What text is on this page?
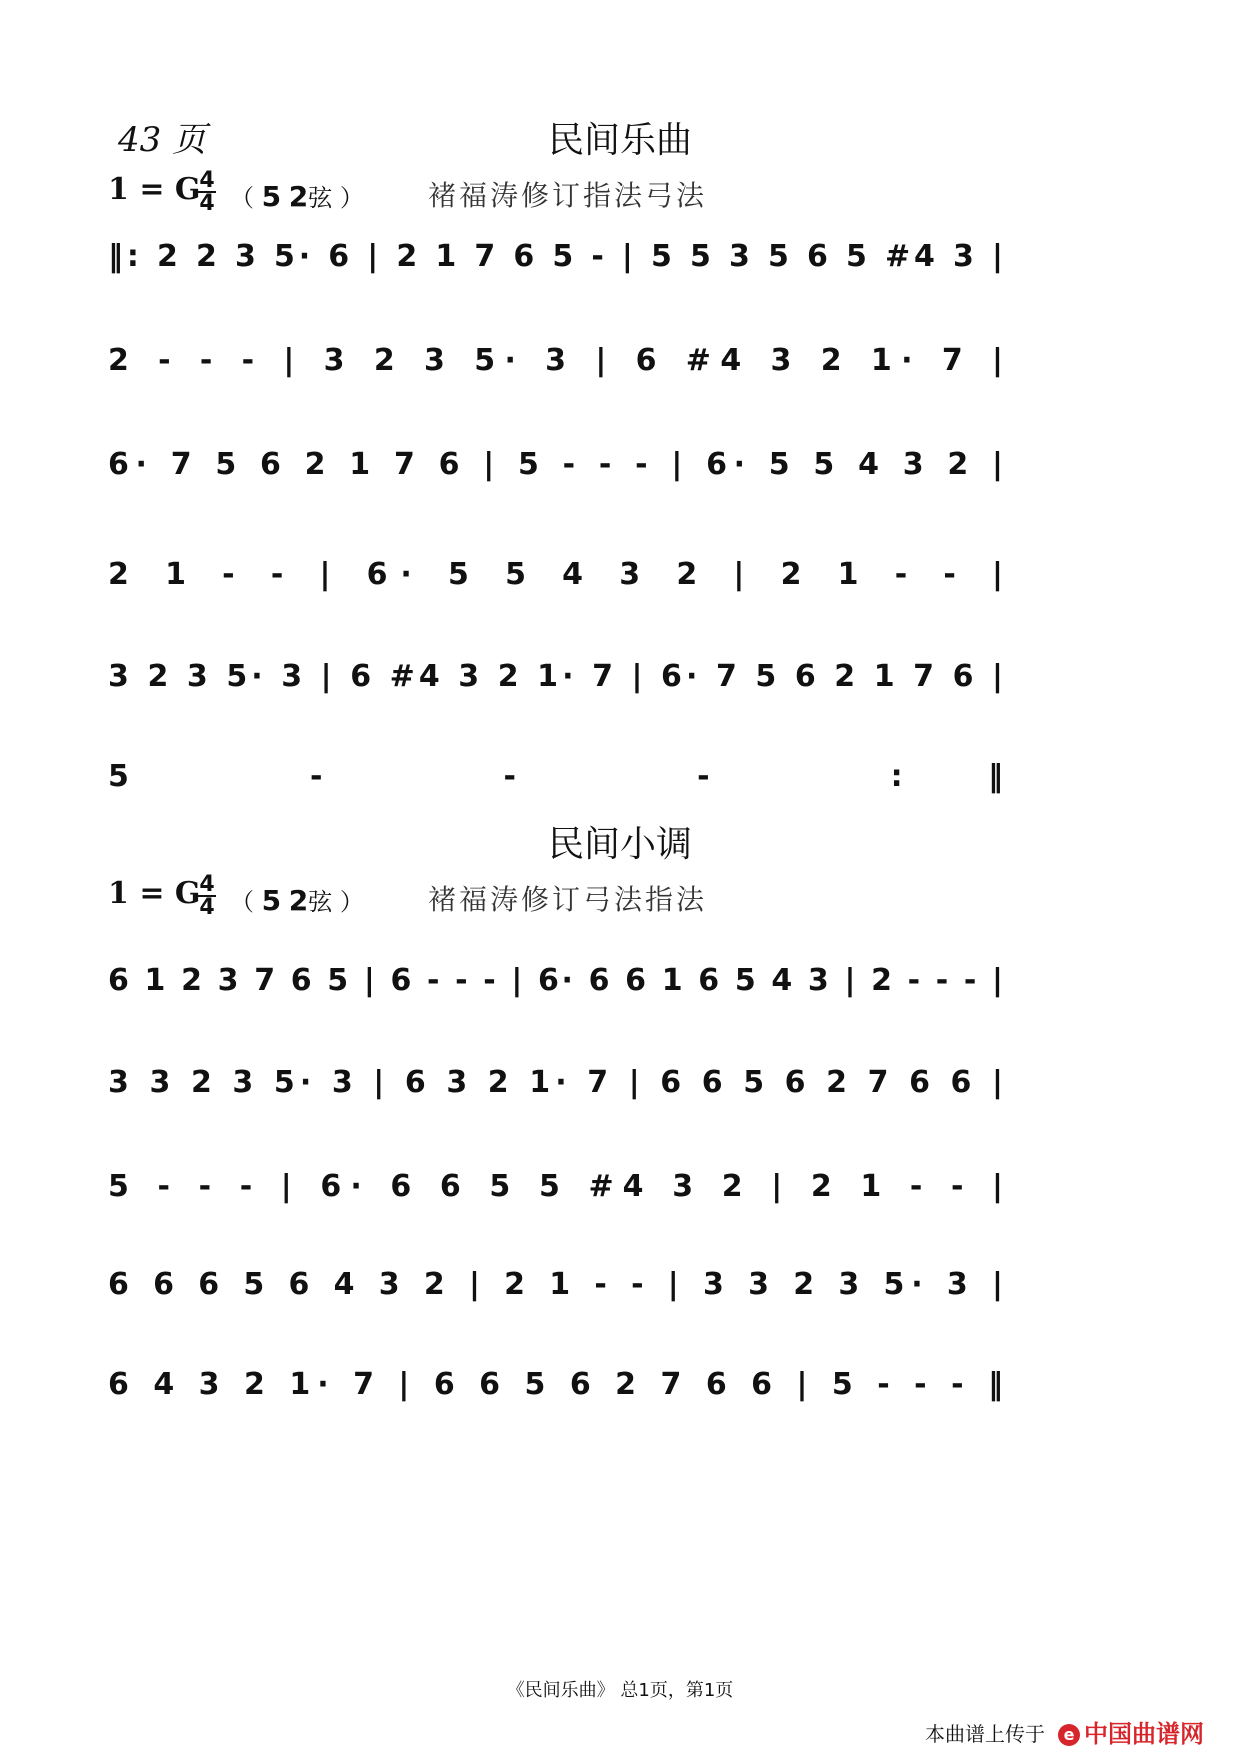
43 页	民间乐曲
1 = G
4
4 （ 5 2弦 ） 褚福涛修订指法弓法
民间小调
1 = G
4
4 （ 5 2弦 ） 褚福涛修订弓法指法
‖: 2 2 3 5· 6 | 2 1 7 6 5 - | 5 5 3 5 6 5 #4 3 |
2 - - - | 3 2 3 5· 3 | 6 #4 3 2 1· 7 |
6· 7 5 6 2 1 7 6 | 5 - - - | 6· 5 5 4 3 2 |
2 1 - - | 6· 5 5 4 3 2 | 2 1 - - |
3 2 3 5· 3 | 6 #4 3 2 1· 7 | 6· 7 5 6 2 1 7 6 |
5 - - - :‖
6 1 2 3 7 6 5 | 6 - - - | 6· 6 6 1 6 5 4 3 | 2 - - - |
3 3 2 3 5· 3 | 6 3 2 1· 7 | 6 6 5 6 2 7 6 6 |
5 - - - | 6· 6 6 5 5 #4 3 2 | 2 1 - - |
6 6 6 5 6 4 3 2 | 2 1 - - | 3 3 2 3 5· 3 |
6 4 3 2 1· 7 | 6 6 5 6 2 7 6 6 | 5 - - - ‖
《民间乐曲》 总1页，第1页
本曲谱上传于	e 中国曲谱网
